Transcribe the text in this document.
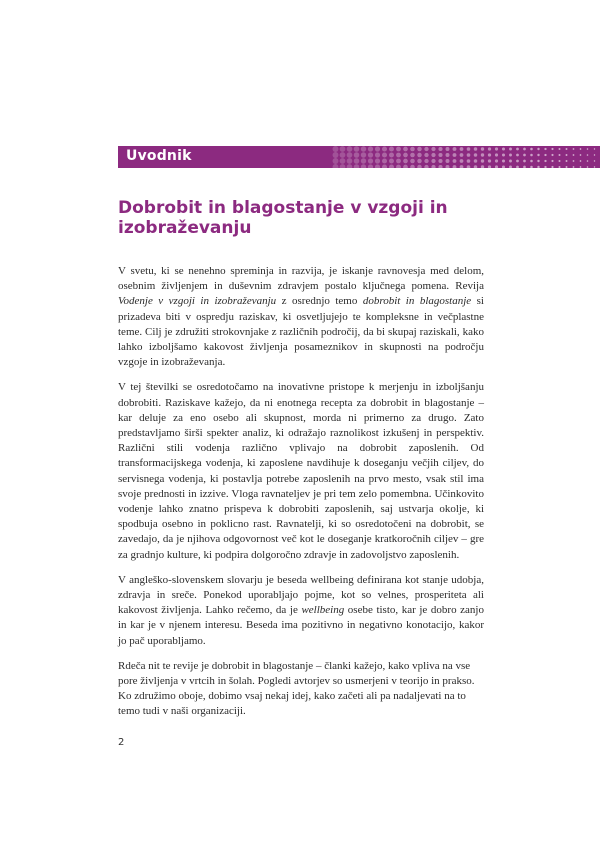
Uvodnik
Dobrobit in blagostanje v vzgoji in izobraževanju

V svetu, ki se nenehno spreminja in razvija, je iskanje ravnovesja med delom, osebnim življenjem in duševnim zdravjem postalo ključnega pomena. Revija Vodenje v vzgoji in izobraževanju z osrednjo temo dobrobit in blagostanje si prizadeva biti v ospredju raziskav, ki osvetljujejo te kompleksne in večplastne teme. Cilj je združiti strokovnjake z različnih področij, da bi skupaj raziskali, kako lahko izboljšamo kakovost življenja posameznikov in skupnosti na področju vzgoje in izobraževanja.

V tej številki se osredotočamo na inovativne pristope k merjenju in izboljšanju dobrobiti. Raziskave kažejo, da ni enotnega recepta za dobrobit in blagostanje – kar deluje za eno osebo ali skupnost, morda ni primerno za drugo. Zato predstavljamo širši spekter analiz, ki odražajo raznolikost izkušenj in perspektiv. Različni stili vodenja različno vplivajo na dobrobit zaposlenih. Od transformacijskega vodenja, ki zaposlene navdihuje k doseganju večjih ciljev, do servisnega vodenja, ki postavlja potrebe zaposlenih na prvo mesto, vsak stil ima svoje prednosti in izzive. Vloga ravnateljev je pri tem zelo pomembna. Učinkovito vodenje lahko znatno prispeva k dobrobiti zaposlenih, saj ustvarja okolje, ki spodbuja osebno in poklicno rast. Ravnatelji, ki so osredotočeni na dobrobit, se zavedajo, da je njihova odgovornost več kot le doseganje kratkoročnih ciljev – gre za gradnjo kulture, ki podpira dolgoročno zdravje in zadovoljstvo zaposlenih.

V angleško-slovenskem slovarju je beseda wellbeing definirana kot stanje udobja, zdravja in sreče. Ponekod uporabljajo pojme, kot so velnes, prosperiteta ali kakovost življenja. Lahko rečemo, da je wellbeing osebe tisto, kar je dobro zanjo in kar je v njenem interesu. Beseda ima pozitivno in negativno konotacijo, kakor jo pač uporabljamo.

Rdeča nit te revije je dobrobit in blagostanje – članki kažejo, kako vpliva na vse pore življenja v vrtcih in šolah. Pogledi avtorjev so usmerjeni v teorijo in prakso. Ko združimo oboje, dobimo vsaj nekaj idej, kako začeti ali pa nadaljevati na to temo tudi v naši organizaciji.

2
